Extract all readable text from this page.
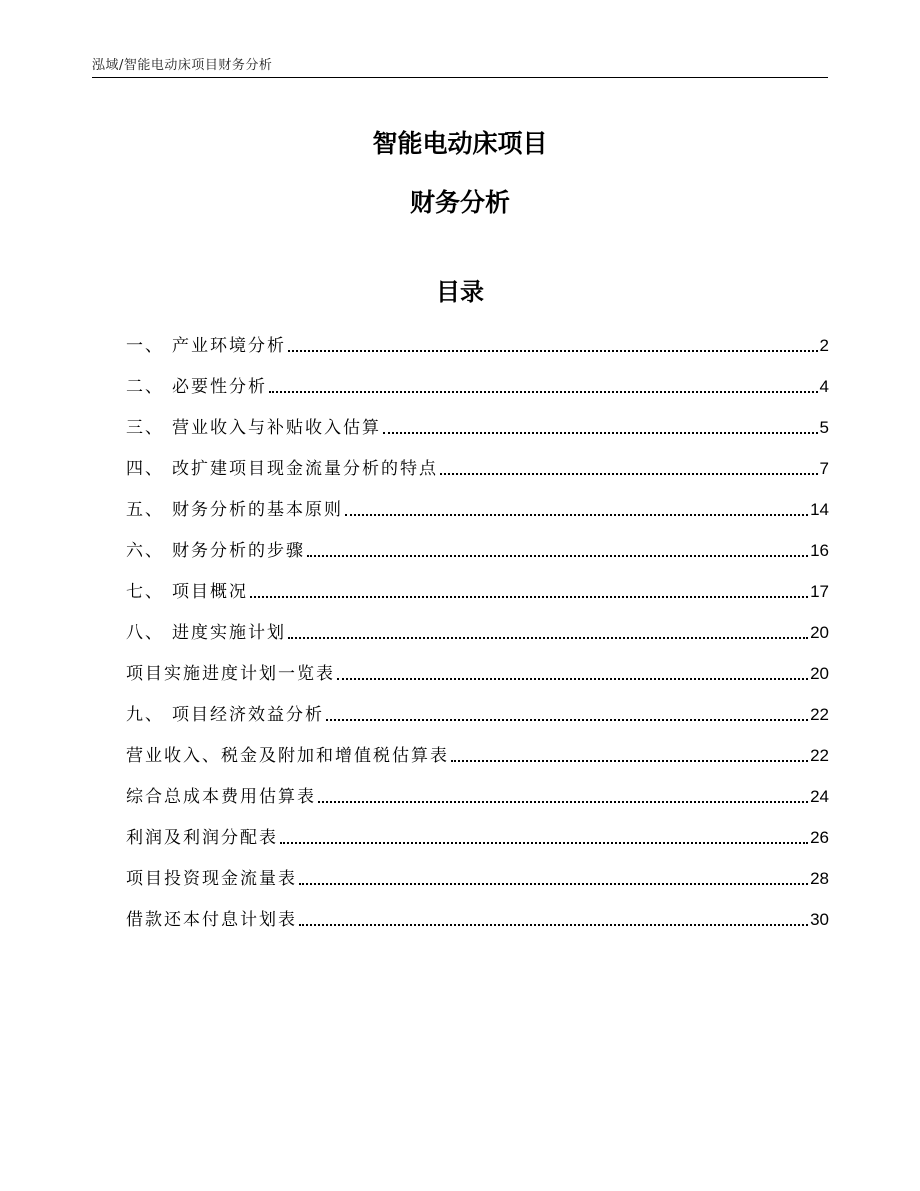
泓域/智能电动床项目财务分析
智能电动床项目
财务分析
目录
一、 产业环境分析	2
二、 必要性分析	4
三、 营业收入与补贴收入估算	5
四、 改扩建项目现金流量分析的特点	7
五、 财务分析的基本原则	14
六、 财务分析的步骤	16
七、 项目概况	17
八、 进度实施计划	20
项目实施进度计划一览表	20
九、 项目经济效益分析	22
营业收入、税金及附加和增值税估算表	22
综合总成本费用估算表	24
利润及利润分配表	26
项目投资现金流量表	28
借款还本付息计划表	30
